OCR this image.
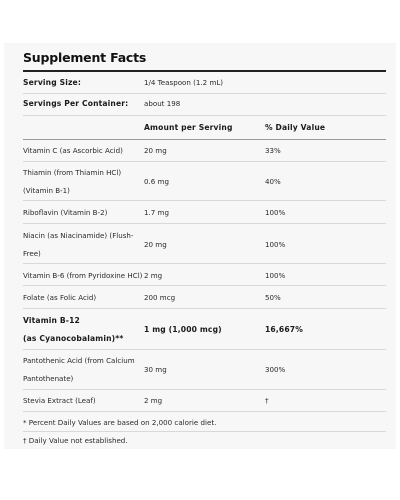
Supplement Facts
Serving Size:	1/4 Teaspoon (1.2 mL)
Servings Per Container: about 198
Amount per Serving	% Daily Value
Vitamin C (as Ascorbic Acid)	20 mg	33%
Thiamin (from Thiamin HCl)
(Vitamin B-1)
0.6 mg	40%
Riboflavin (Vitamin B-2)	1.7 mg	100%
Niacin (as Niacinamide) (Flush-
Free)
20 mg	100%
Vitamin B-6 (from Pyridoxine HCl) 2 mg	100%
Folate (as Folic Acid)	200 mcg	50%
Vitamin B-12
(as Cyanocobalamin)**
1 mg (1,000 mcg)	16,667%
Pantothenic Acid (from Calcium
Pantothenate)
30 mg	300%
Stevia Extract (Leaf)	2 mg	†
* Percent Daily Values are based on 2,000 calorie diet.
† Daily Value not established.
